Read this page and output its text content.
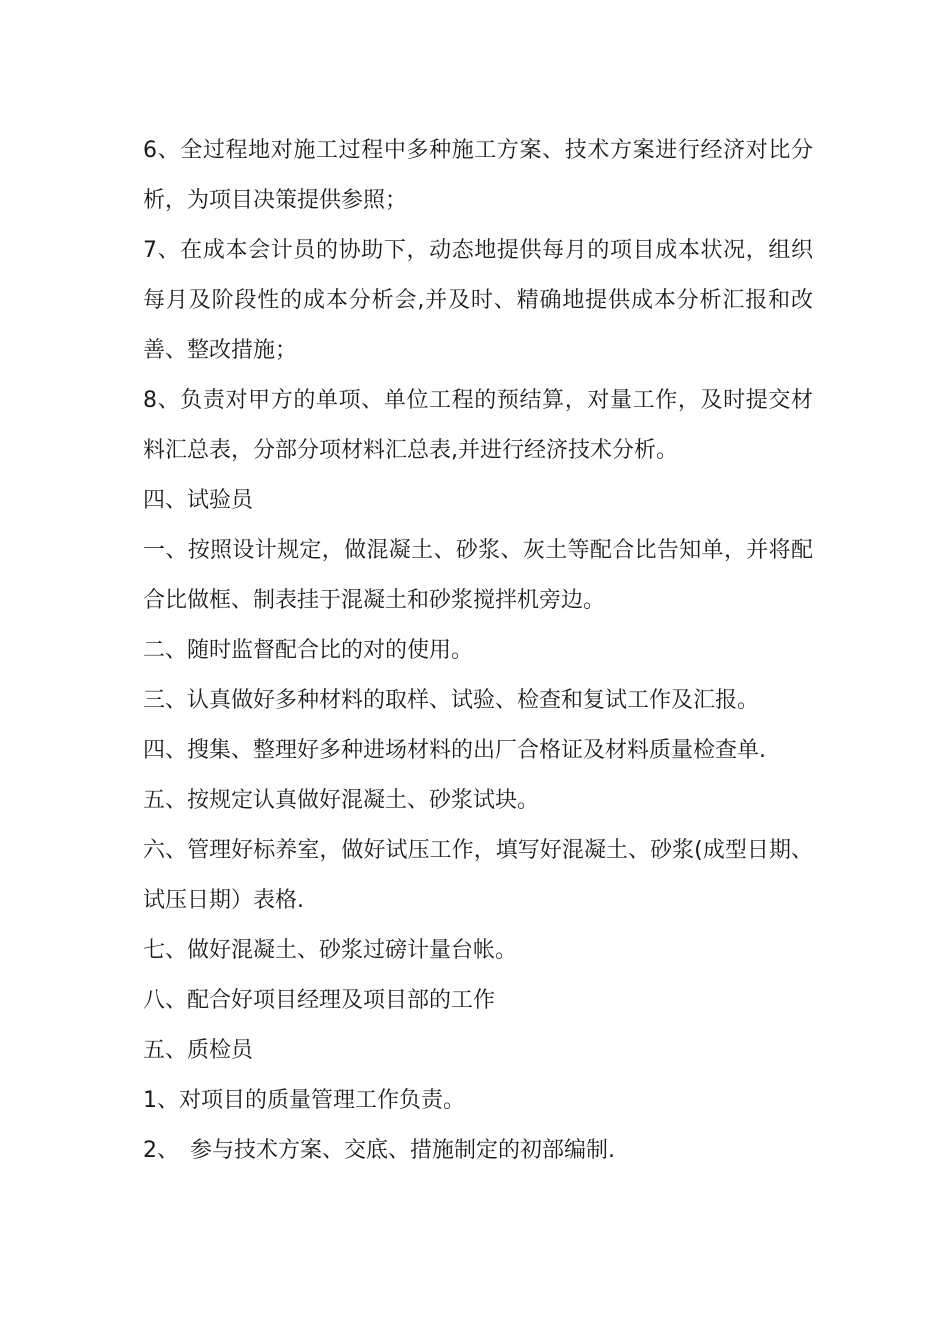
6、全过程地对施工过程中多种施工方案、技术方案进行经济对比分析，为项目决策提供参照；

7、在成本会计员的协助下，动态地提供每月的项目成本状况，组织每月及阶段性的成本分析会,并及时、精确地提供成本分析汇报和改善、整改措施；

8、负责对甲方的单项、单位工程的预结算，对量工作，及时提交材料汇总表，分部分项材料汇总表,并进行经济技术分析。

四、试验员

一、按照设计规定，做混凝土、砂浆、灰土等配合比告知单，并将配合比做框、制表挂于混凝土和砂浆搅拌机旁边。

二、随时监督配合比的对的使用。

三、认真做好多种材料的取样、试验、检查和复试工作及汇报。

四、搜集、整理好多种进场材料的出厂合格证及材料质量检查单.

五、按规定认真做好混凝土、砂浆试块。

六、管理好标养室，做好试压工作，填写好混凝土、砂浆(成型日期、试压日期）表格.

七、做好混凝土、砂浆过磅计量台帐。

八、配合好项目经理及项目部的工作

五、质检员

1、对项目的质量管理工作负责。

2、　参与技术方案、交底、措施制定的初部编制.
